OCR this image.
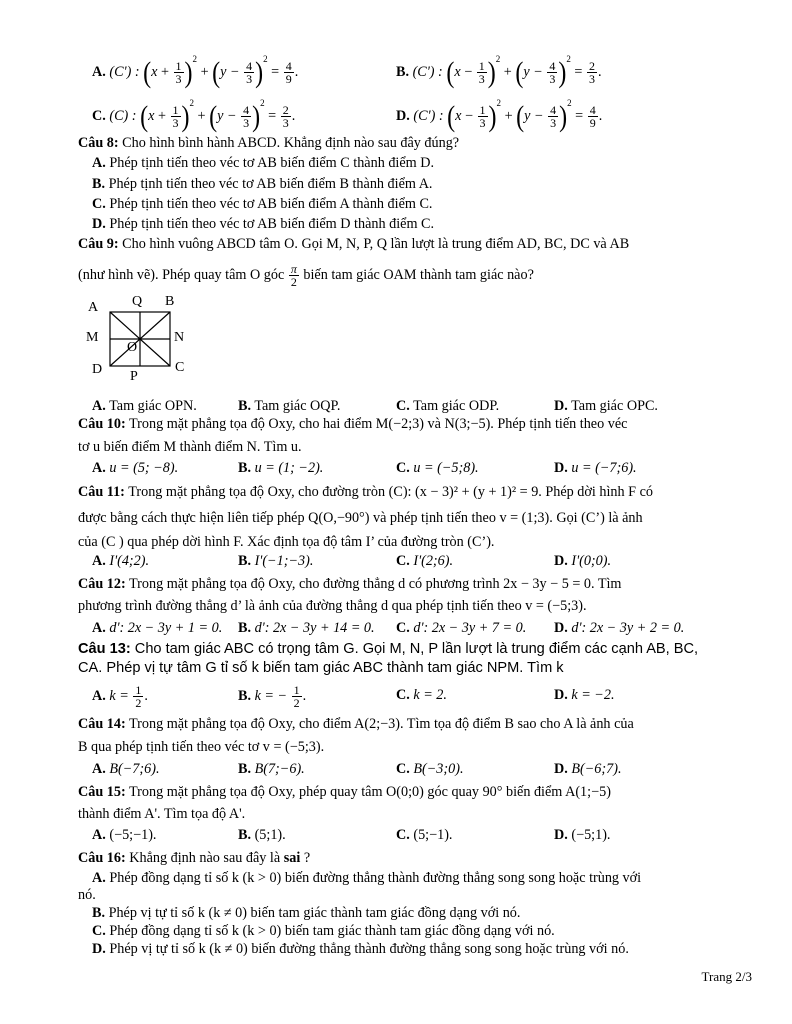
A. (C') : $(x + \frac{1}{3} )^2 + (y - \frac{4}{3} )^2 = \frac{4}{9}$ .	B. (C') : $(x - \frac{1}{3} )^2 + (y - \frac{4}{3} )^2 = \frac{2}{3}$ .
C. (C) : $(x + \frac{1}{3} )^2 + (y - \frac{4}{3} )^2 = \frac{2}{3}$ .	D. (C') : $(x - \frac{1}{3} )^2 + (y - \frac{4}{3} )^2 = \frac{4}{9}$ .
Câu 8: Cho hình bình hành ABCD. Khẳng định nào sau đây đúng?
A. Phép tịnh tiến theo véc tơ AB biến điểm C thành điểm D.
B. Phép tịnh tiến theo véc tơ AB biến điểm B thành điểm A.
C. Phép tịnh tiến theo véc tơ AB biến điểm A thành điểm C.
D. Phép tịnh tiến theo véc tơ AB biến điểm D thành điểm C.
Câu 9: Cho hình vuông ABCD tâm O. Gọi M, N, P, Q lần lượt là trung điểm AD, BC, DC và AB
(như hình vẽ). Phép quay tâm O góc $\frac{\pi}{2}$ biến tam giác OAM thành tam giác nào?
A Q B
M	N
O
D P
C
A. Tam giác OPN.	B. Tam giác OQP.	C. Tam giác ODP.	D. Tam giác OPC.
Câu 10: Trong mặt phẳng tọa độ Oxy, cho hai điểm M(−2;3) và N(3;−5). Phép tịnh tiến theo véc
tơ u biến điểm M thành điểm N. Tìm u.
A. u = (5; −8).	B. u = (1; −2).	C. u = (−5;8).	D. u = (−7;6).
Câu 11: Trong mặt phẳng tọa độ Oxy, cho đường tròn (C): (x − 3)² + (y + 1)² = 9. Phép dời hình F có
được bằng cách thực hiện liên tiếp phép Q(O,−90°) và phép tịnh tiến theo v = (1;3). Gọi (C’) là ảnh
của (C ) qua phép dời hình F. Xác định tọa độ tâm I’ của đường tròn (C’).
A. I'(4;2).	B. I'(−1;−3).	C. I'(2;6).	D. I'(0;0).
Câu 12: Trong mặt phẳng tọa độ Oxy, cho đường thẳng d có phương trình 2x − 3y − 5 = 0. Tìm
phương trình đường thẳng d’ là ảnh của đường thẳng d qua phép tịnh tiến theo v = (−5;3).
A. d': 2x − 3y + 1 = 0. B. d': 2x − 3y + 14 = 0. C. d': 2x − 3y + 7 = 0. D. d': 2x − 3y + 2 = 0.
Câu 13: Cho tam giác ABC có trọng tâm G. Gọi M, N, P lần lượt là trung điểm các cạnh AB, BC,
CA. Phép vị tự tâm G tỉ số k biến tam giác ABC thành tam giác NPM. Tìm k
A. $k = \frac{1}{2}$ .	B. k = − $\frac{1}{2}$ .	C. k = 2.	D. k = −2.
Câu 14: Trong mặt phẳng tọa độ Oxy, cho điểm A(2;−3). Tìm tọa độ điểm B sao cho A là ảnh của
B qua phép tịnh tiến theo véc tơ v = (−5;3).
A. B(−7;6).	B. B(7;−6).	C. B(−3;0).	D. B(−6;7).
Câu 15: Trong mặt phẳng tọa độ Oxy, phép quay tâm O(0;0) góc quay 90° biến điểm A(1;−5)
thành điểm A'. Tìm tọa độ A'.
A. (−5;−1).	B. (5;1).	C. (5;−1).	D. (−5;1).
Câu 16: Khẳng định nào sau đây là sai ?
A. Phép đồng dạng tỉ số k (k > 0) biến đường thẳng thành đường thẳng song song hoặc trùng với
nó.
B. Phép vị tự tỉ số k (k ≠ 0) biến tam giác thành tam giác đồng dạng với nó.
C. Phép đồng dạng tỉ số k (k > 0) biến tam giác thành tam giác đồng dạng với nó.
D. Phép vị tự tỉ số k (k ≠ 0) biến đường thẳng thành đường thẳng song song hoặc trùng với nó.
Trang 2/3
